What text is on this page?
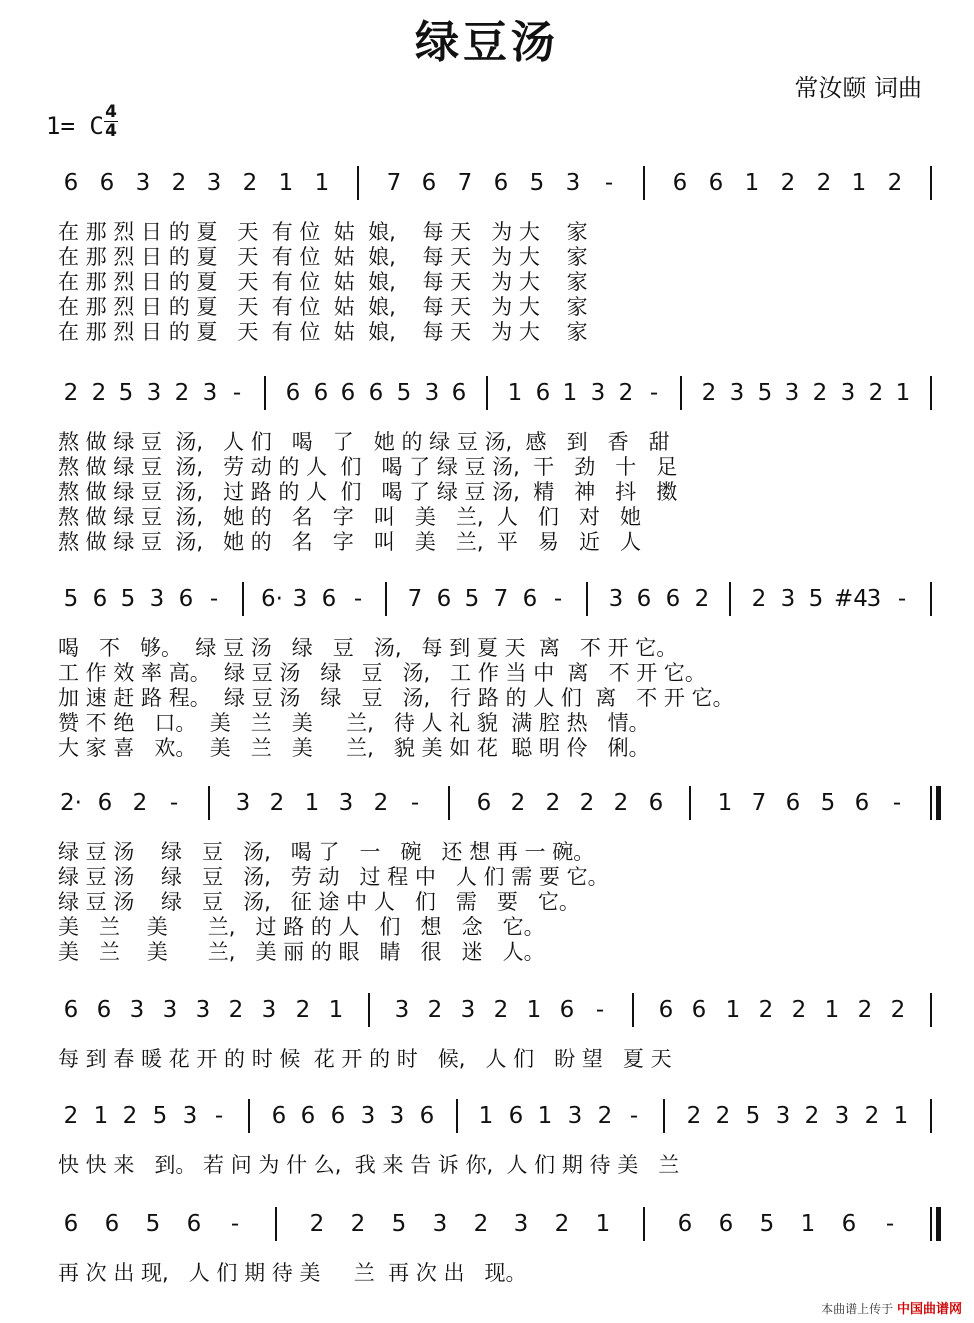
绿豆汤
常汝颐 词曲
1= C 4
4
6 6 3 2 3 2 1 1 7 6 7 6 5 3 -	6 6 1 2 2 1 2
在 那 烈 日 的 夏   天  有 位  姑  娘,    每 天   为 大    家
在 那 烈 日 的 夏   天  有 位  姑  娘,    每 天   为 大    家
在 那 烈 日 的 夏   天  有 位  姑  娘,    每 天   为 大    家
在 那 烈 日 的 夏   天  有 位  姑  娘,    每 天   为 大    家
在 那 烈 日 的 夏   天  有 位  姑  娘,    每 天   为 大    家
2 2 5 3 2 3 - 6 6 6 6 5 3 6 1 6 1 3 2 - 2 3 5 3 2 3 2 1
熬 做 绿 豆  汤,   人 们   喝   了   她 的 绿 豆 汤,  感   到   香   甜
熬 做 绿 豆  汤,   劳 动 的 人  们   喝 了 绿 豆 汤,  干   劲   十   足
熬 做 绿 豆  汤,   过 路 的 人  们   喝 了 绿 豆 汤,  精   神   抖   擞
熬 做 绿 豆  汤,   她 的   名   字   叫   美   兰,  人   们   对   她
熬 做 绿 豆  汤,   她 的   名   字   叫   美   兰,  平   易   近   人
5 6 5 3 6 - 6· 3 6 - 7 6 5 7 6 - 3 6 6 2 2 3 5 #4
3 -
喝   不   够。  绿 豆 汤   绿   豆   汤,   每 到 夏 天  离   不 开 它。
工 作 效 率 高。  绿 豆 汤   绿   豆   汤,   工 作 当 中  离   不 开 它。
加 速 赶 路 程。  绿 豆 汤   绿   豆   汤,   行 路 的 人 们  离   不 开 它。
赞 不 绝   口。  美   兰   美     兰,   待 人 礼 貌  满 腔 热   情。
大 家 喜   欢。  美   兰   美     兰,   貌 美 如 花  聪 明 伶   俐。
2· 6 2 -	3 2 1 3 2 -	6 2 2 2 2 6 1 7 6 5 6 -
绿 豆 汤    绿   豆   汤,   喝 了   一   碗   还 想 再 一 碗。
绿 豆 汤    绿   豆   汤,   劳 动   过 程 中   人 们 需 要 它。
绿 豆 汤    绿   豆   汤,   征 途 中 人   们   需   要   它。
美   兰    美      兰,   过 路 的 人   们   想   念   它。
美   兰    美      兰,   美 丽 的 眼   睛   很   迷   人。
6 6 3 3 3 2 3 2 1 3 2 3 2 1 6 - 6 6 1 2 2 1 2 2
每 到 春 暖 花 开 的 时 候  花 开 的 时   候,   人 们   盼 望   夏 天
2 1 2 5 3 - 6 6 6 3 3 6 1 6 1 3 2 - 2 2 5 3 2 3 2 1
快 快 来   到。 若 问 为 什 么,  我 来 告 诉 你,  人 们 期 待 美   兰
6 6 5 6 -	2 2 5 3 2 3 2 1	6 6 5 1 6 -
再 次 出 现,   人 们 期 待 美     兰  再 次 出   现。
本曲谱上传于 中国曲谱网
